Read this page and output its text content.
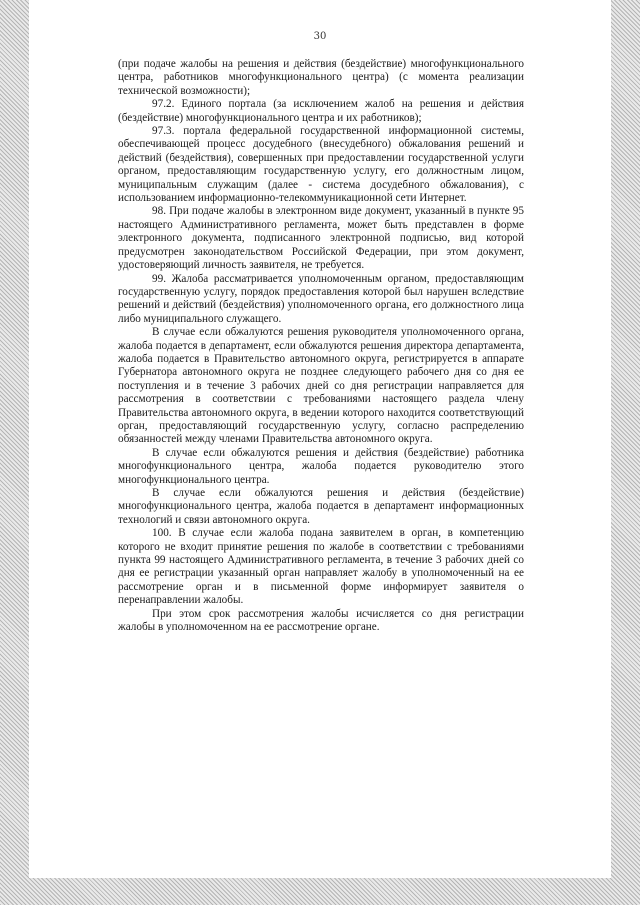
30

(при подаче жалобы на решения и действия (бездействие) многофункционального центра, работников многофункционального центра) (с момента реализации технической возможности);

97.2. Единого портала (за исключением жалоб на решения и действия (бездействие) многофункционального центра и их работников);

97.3. портала федеральной государственной информационной системы, обеспечивающей процесс досудебного (внесудебного) обжалования решений и действий (бездействия), совершенных при предоставлении государственной услуги органом, предоставляющим государственную услугу, его должностным лицом, муниципальным служащим (далее - система досудебного обжалования), с использованием информационно-телекоммуникационной сети Интернет.

98. При подаче жалобы в электронном виде документ, указанный в пункте 95 настоящего Административного регламента, может быть представлен в форме электронного документа, подписанного электронной подписью, вид которой предусмотрен законодательством Российской Федерации, при этом документ, удостоверяющий личность заявителя, не требуется.

99. Жалоба рассматривается уполномоченным органом, предоставляющим государственную услугу, порядок предоставления которой был нарушен вследствие решений и действий (бездействия) уполномоченного органа, его должностного лица либо муниципального служащего.

В случае если обжалуются решения руководителя уполномоченного органа, жалоба подается в департамент, если обжалуются решения директора департамента, жалоба подается в Правительство автономного округа, регистрируется в аппарате Губернатора автономного округа не позднее следующего рабочего дня со дня ее поступления и в течение 3 рабочих дней со дня регистрации направляется для рассмотрения в соответствии с требованиями настоящего раздела члену Правительства автономного округа, в ведении которого находится соответствующий орган, предоставляющий государственную услугу, согласно распределению обязанностей между членами Правительства автономного округа.

В случае если обжалуются решения и действия (бездействие) работника многофункционального центра, жалоба подается руководителю этого многофункционального центра.

В случае если обжалуются решения и действия (бездействие) многофункционального центра, жалоба подается в департамент информационных технологий и связи автономного округа.

100. В случае если жалоба подана заявителем в орган, в компетенцию которого не входит принятие решения по жалобе в соответствии с требованиями пункта 99 настоящего Административного регламента, в течение 3 рабочих дней со дня ее регистрации указанный орган направляет жалобу в уполномоченный на ее рассмотрение орган и в письменной форме информирует заявителя о перенаправлении жалобы.

При этом срок рассмотрения жалобы исчисляется со дня регистрации жалобы в уполномоченном на ее рассмотрение органе.
